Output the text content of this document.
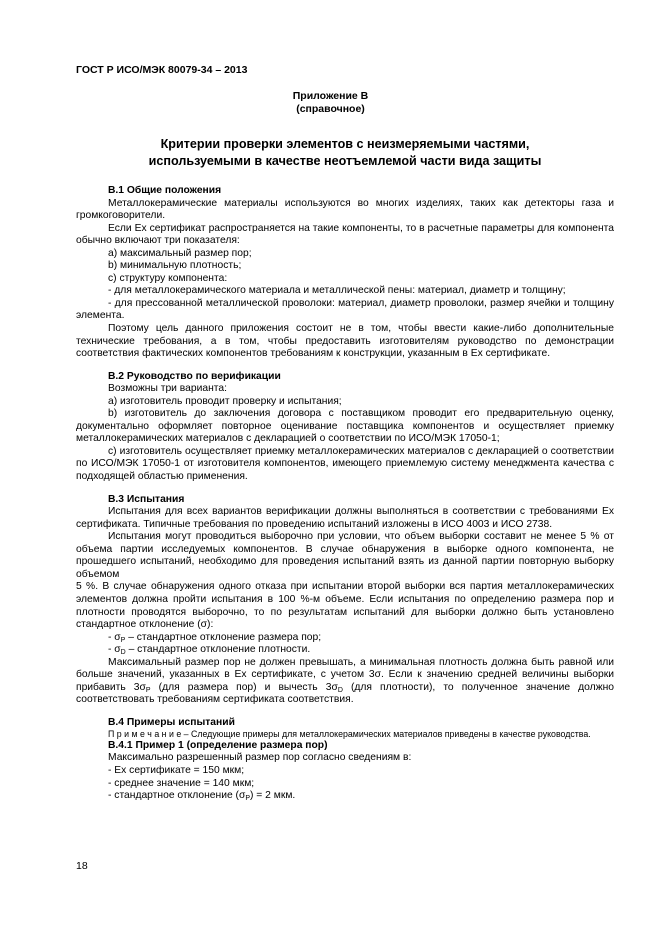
ГОСТ Р ИСО/МЭК 80079-34 – 2013
Приложение В
(справочное)
Критерии проверки элементов с неизмеряемыми частями,
используемыми в качестве неотъемлемой части вида защиты

В.1 Общие положения

Металлокерамические материалы используются во многих изделиях, таких как детекторы газа и громкоговорители.

Если Ex сертификат распространяется на такие компоненты, то в расчетные параметры для компонента обычно включают три показателя:

а) максимальный размер пор;

b) минимальную плотность;

с) структуру компонента:

- для металлокерамического материала и металлической пены: материал, диаметр и толщину;

- для прессованной металлической проволоки: материал, диаметр проволоки, размер ячейки и толщину элемента.

Поэтому цель данного приложения состоит не в том, чтобы ввести какие-либо дополнительные технические требования, а в том, чтобы предоставить изготовителям руководство по демонстрации соответствия фактических компонентов требованиям к конструкции, указанным в Ex сертификате.

В.2 Руководство по верификации

Возможны три варианта:

а) изготовитель проводит проверку и испытания;

b) изготовитель до заключения договора с поставщиком проводит его предварительную оценку, документально оформляет повторное оценивание поставщика компонентов и осуществляет приемку металлокерамических материалов с декларацией о соответствии по ИСО/МЭК 17050-1;

с) изготовитель осуществляет приемку металлокерамических материалов с декларацией о соответствии по ИСО/МЭК 17050-1 от изготовителя компонентов, имеющего приемлемую систему менеджмента качества с подходящей областью применения.

В.3 Испытания

Испытания для всех вариантов верификации должны выполняться в соответствии с требованиями Ex сертификата. Типичные требования по проведению испытаний изложены в ИСО 4003 и ИСО 2738.

Испытания могут проводиться выборочно при условии, что объем выборки составит не менее 5 % от объема партии исследуемых компонентов. В случае обнаружения в выборке одного компонента, не прошедшего испытаний, необходимо для проведения испытаний взять из данной партии повторную выборку объемом

5 %. В случае обнаружения одного отказа при испытании второй выборки вся партия металлокерамических элементов должна пройти испытания в 100 %-м объеме. Если испытания по определению размера пор и плотности проводятся выборочно, то по результатам испытаний для выборки должно быть установлено стандартное отклонение (σ):

- $\sigma_P$ – стандартное отклонение размера пор;

- $\sigma_D$ – стандартное отклонение плотности.

Максимальный размер пор не должен превышать, а минимальная плотность должна быть равной или больше значений, указанных в Ex сертификате, с учетом 3σ. Если к значению средней величины выборки прибавить $3\sigma_P$ (для размера пор) и вычесть $3\sigma_D$ (для плотности), то полученное значение должно соответствовать требованиям сертификата соответствия.

В.4 Примеры испытаний

П р и м е ч а н и е – Следующие примеры для металлокерамических материалов приведены в качестве руководства.

В.4.1 Пример 1 (определение размера пор)

Максимально разрешенный размер пор согласно сведениям в:

- Ex сертификате = 150 мкм;

- среднее значение = 140 мкм;

- стандартное отклонение $(\sigma_P) = 2$ мкм.

18
